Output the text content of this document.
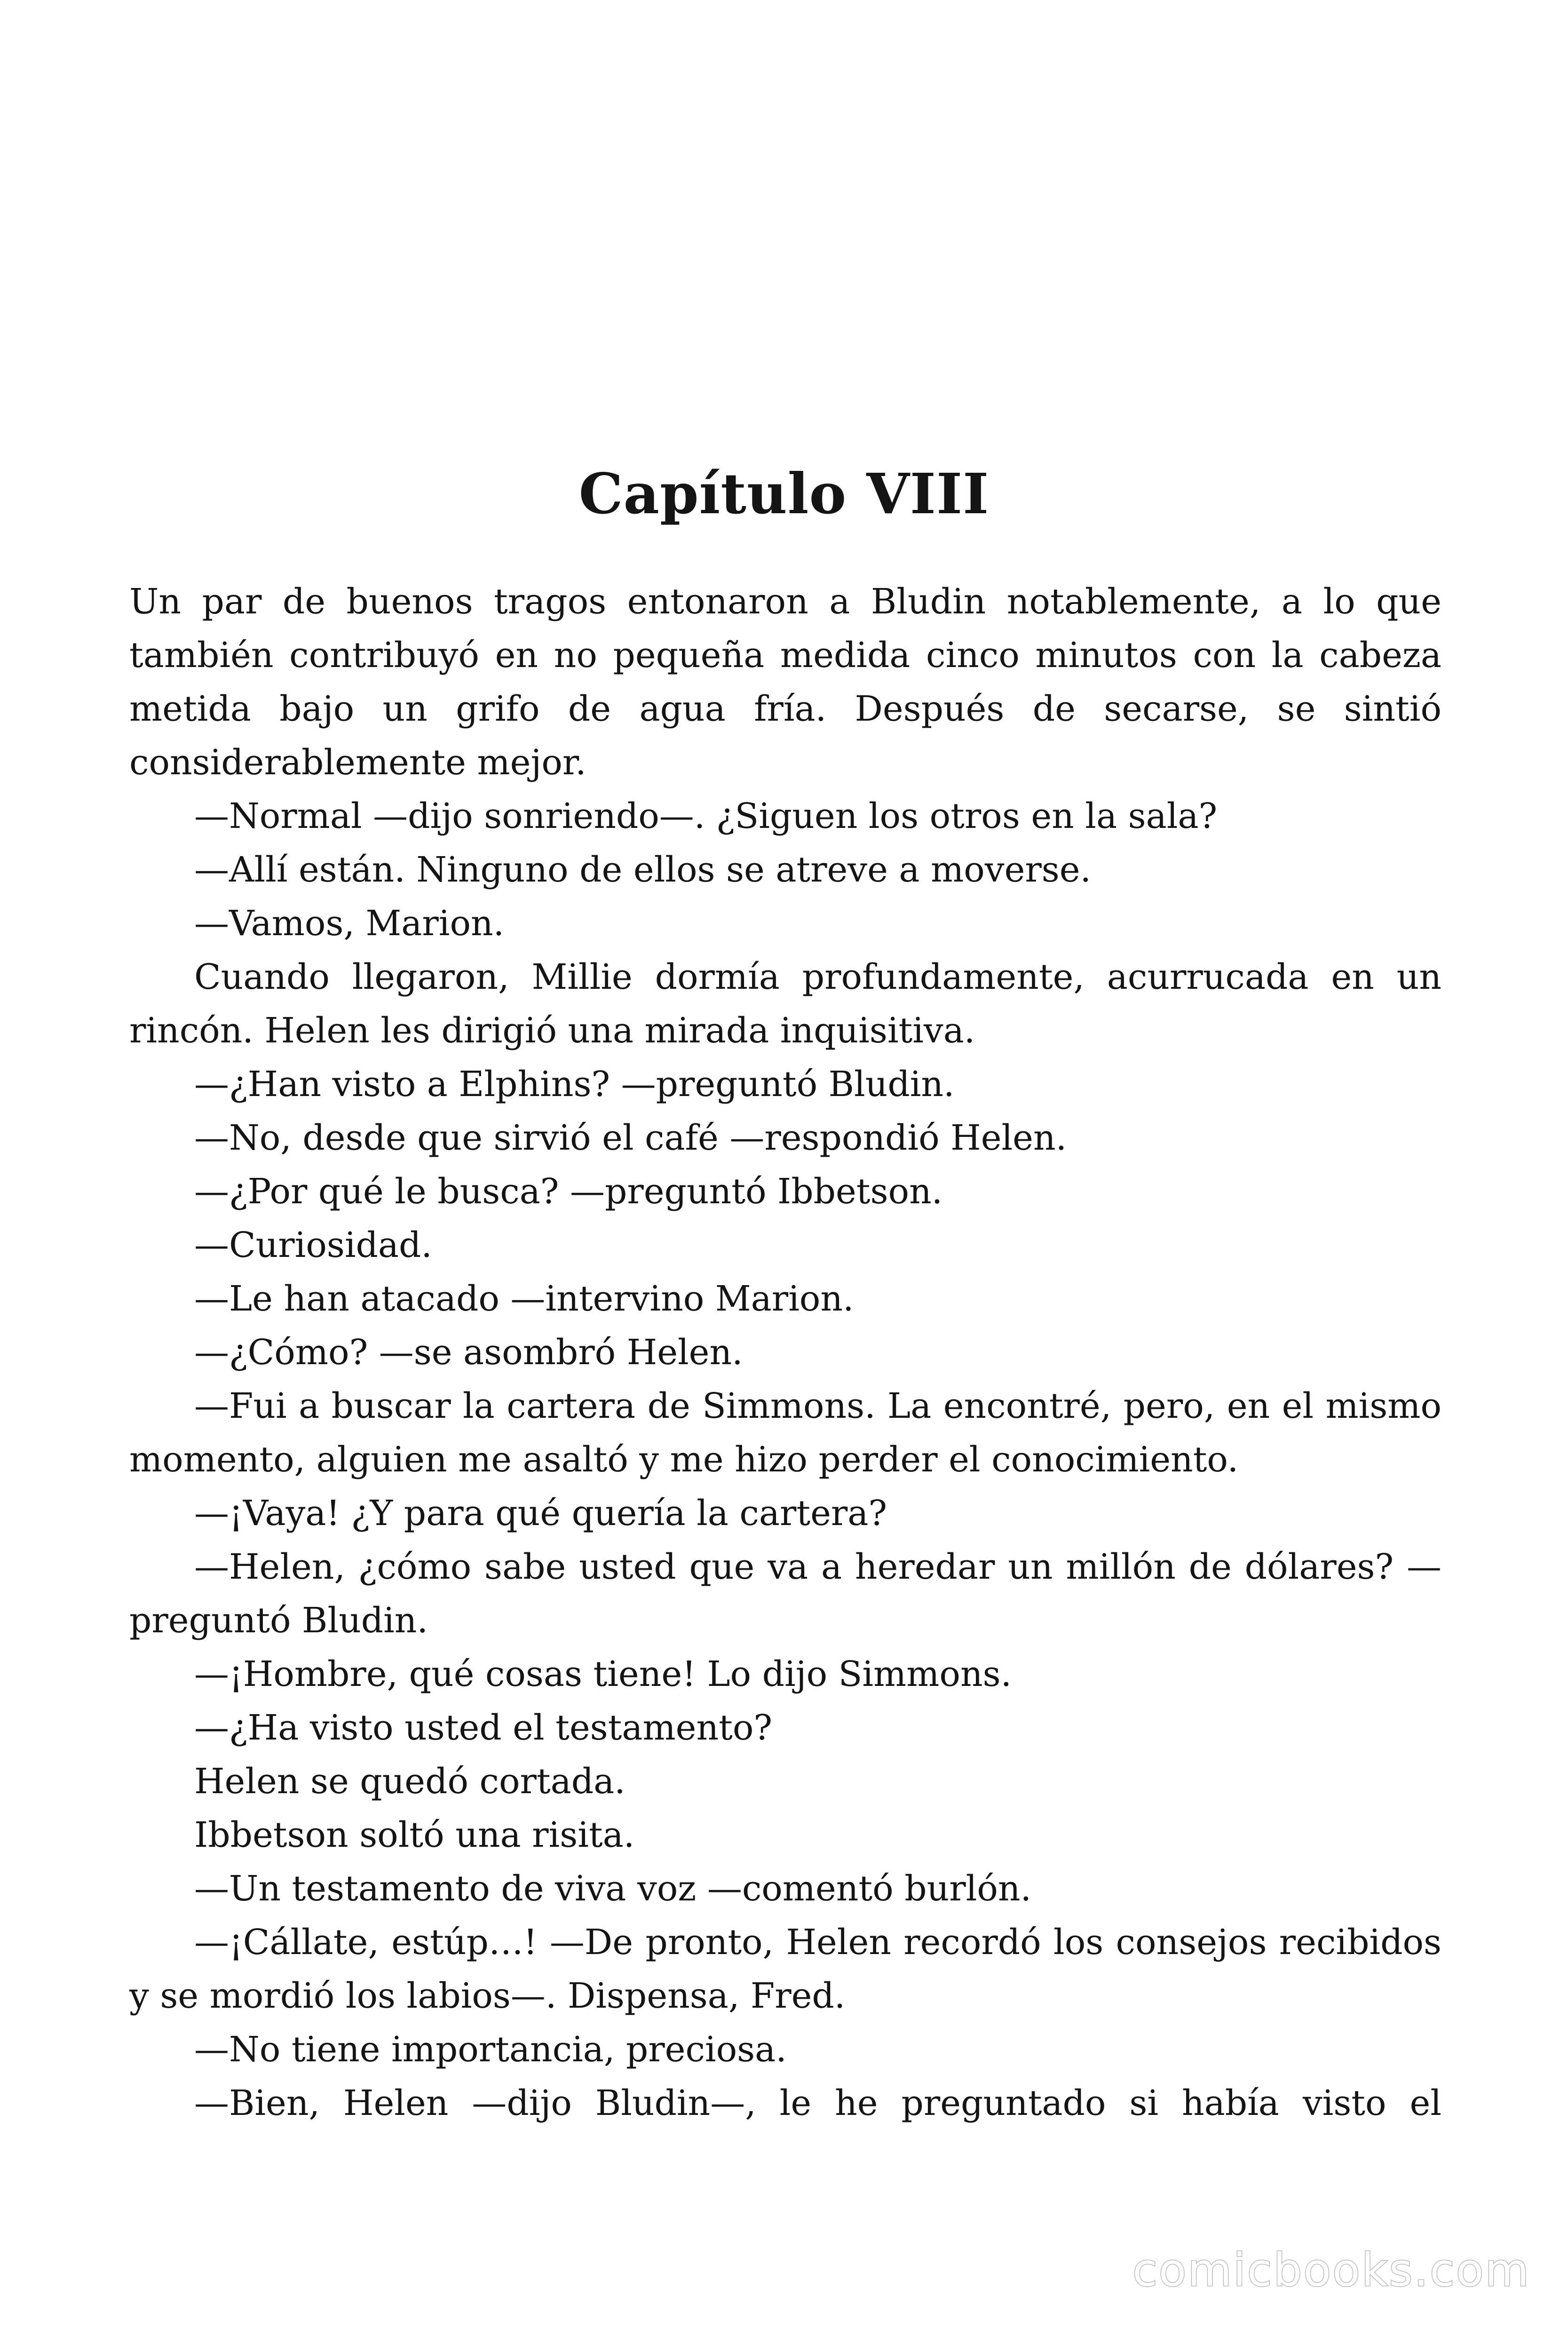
Capítulo VIII

Un par de buenos tragos entonaron a Bludin notablemente, a lo que también contribuyó en no pequeña medida cinco minutos con la cabeza metida bajo un grifo de agua fría. Después de secarse, se sintió considerablemente mejor.

—Normal —dijo sonriendo—. ¿Siguen los otros en la sala?

—Allí están. Ninguno de ellos se atreve a moverse.

—Vamos, Marion.

Cuando llegaron, Millie dormía profundamente, acurrucada en un rincón. Helen les dirigió una mirada inquisitiva.

—¿Han visto a Elphins? —preguntó Bludin.

—No, desde que sirvió el café —respondió Helen.

—¿Por qué le busca? —preguntó Ibbetson.

—Curiosidad.

—Le han atacado —intervino Marion.

—¿Cómo? —se asombró Helen.

—Fui a buscar la cartera de Simmons. La encontré, pero, en el mismo momento, alguien me asaltó y me hizo perder el conocimiento.

—¡Vaya! ¿Y para qué quería la cartera?

—Helen, ¿cómo sabe usted que va a heredar un millón de dólares? —preguntó Bludin.

—¡Hombre, qué cosas tiene! Lo dijo Simmons.

—¿Ha visto usted el testamento?

Helen se quedó cortada.

Ibbetson soltó una risita.

—Un testamento de viva voz —comentó burlón.

—¡Cállate, estúp…! —De pronto, Helen recordó los consejos recibidos y se mordió los labios—. Dispensa, Fred.

—No tiene importancia, preciosa.

—Bien, Helen —dijo Bludin—, le he preguntado si había visto el

comicbooks.com
